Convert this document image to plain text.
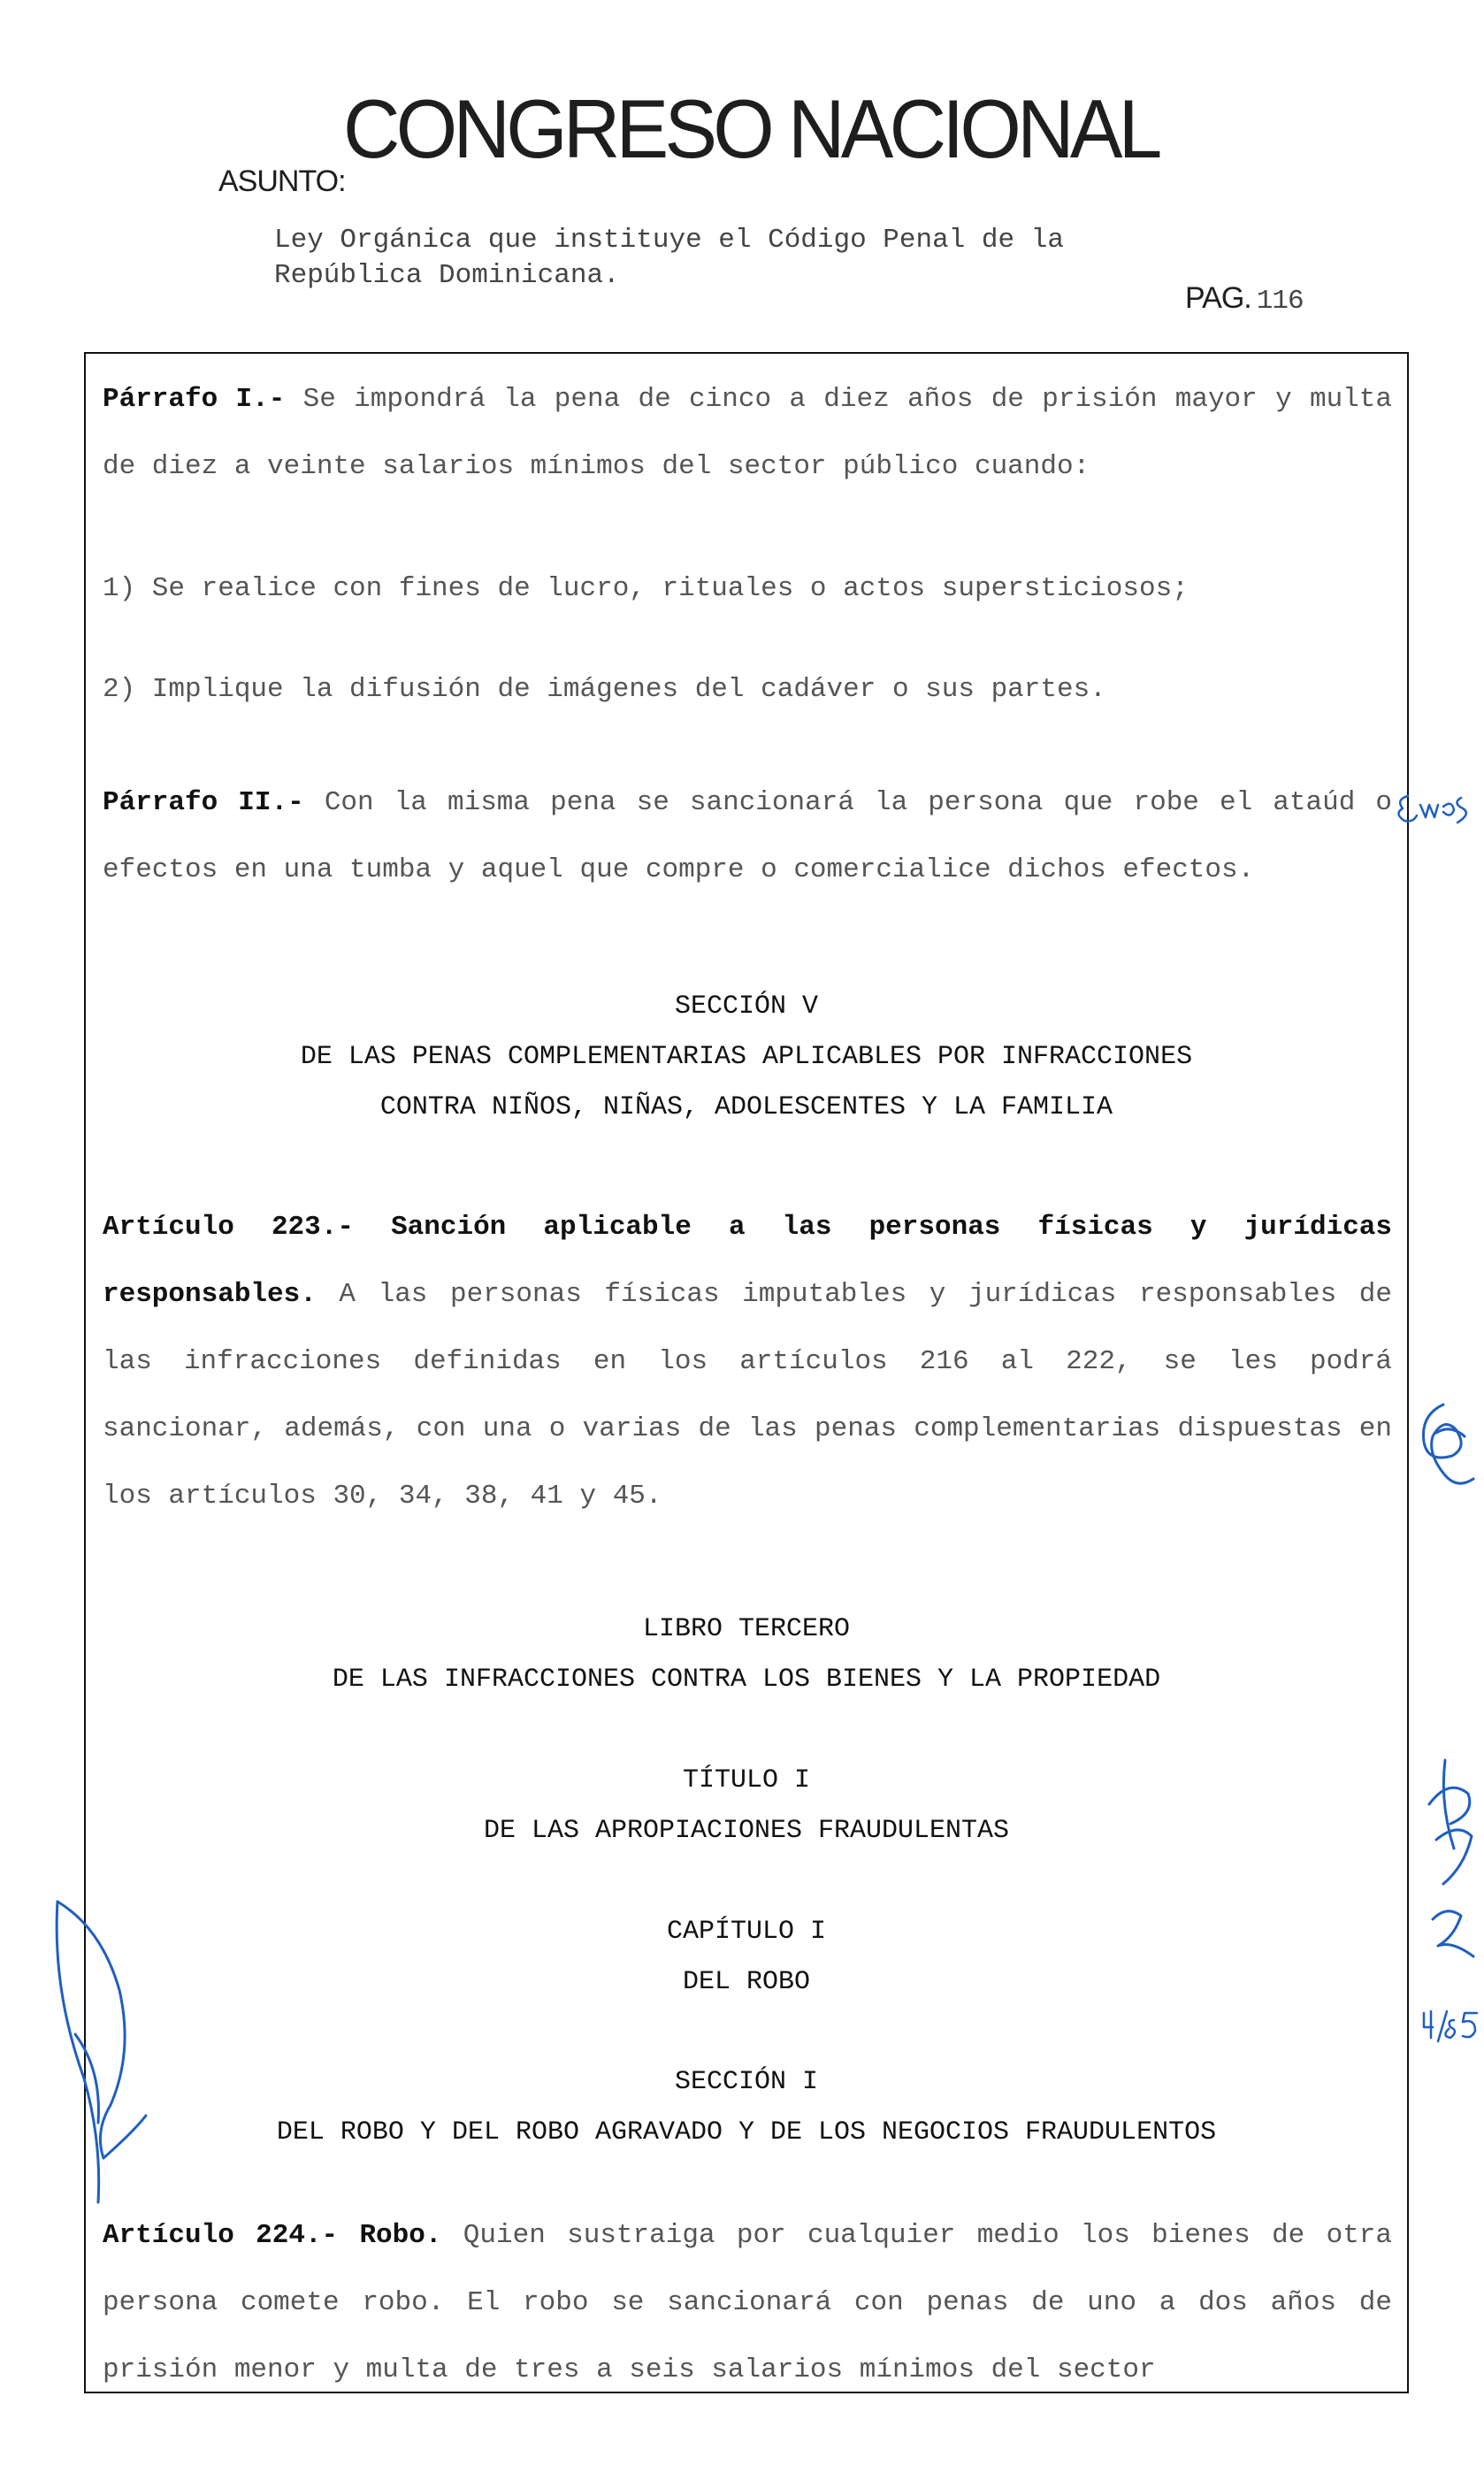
CONGRESO NACIONAL
ASUNTO:
Ley Orgánica que instituye el Código Penal de la
República Dominicana.
PAG. 116

Párrafo I.- Se impondrá la pena de cinco a diez años de prisión mayor y multa de diez a veinte salarios mínimos del sector público cuando:

1) Se realice con fines de lucro, rituales o actos supersticiosos;

2) Implique la difusión de imágenes del cadáver o sus partes.

Párrafo II.- Con la misma pena se sancionará la persona que robe el ataúd o efectos en una tumba y aquel que compre o comercialice dichos efectos.

SECCIÓN V
DE LAS PENAS COMPLEMENTARIAS APLICABLES POR INFRACCIONES
CONTRA NIÑOS, NIÑAS, ADOLESCENTES Y LA FAMILIA

Artículo 223.- Sanción aplicable a las personas físicas y jurídicas responsables. A las personas físicas imputables y jurídicas responsables de las infracciones definidas en los artículos 216 al 222, se les podrá sancionar, además, con una o varias de las penas complementarias dispuestas en los artículos 30, 34, 38, 41 y 45.

LIBRO TERCERO
DE LAS INFRACCIONES CONTRA LOS BIENES Y LA PROPIEDAD
TÍTULO I
DE LAS APROPIACIONES FRAUDULENTAS
CAPÍTULO I
DEL ROBO
SECCIÓN I
DEL ROBO Y DEL ROBO AGRAVADO Y DE LOS NEGOCIOS FRAUDULENTOS

Artículo 224.- Robo. Quien sustraiga por cualquier medio los bienes de otra persona comete robo. El robo se sancionará con penas de uno a dos años de prisión menor y multa de tres a seis salarios mínimos del sector
